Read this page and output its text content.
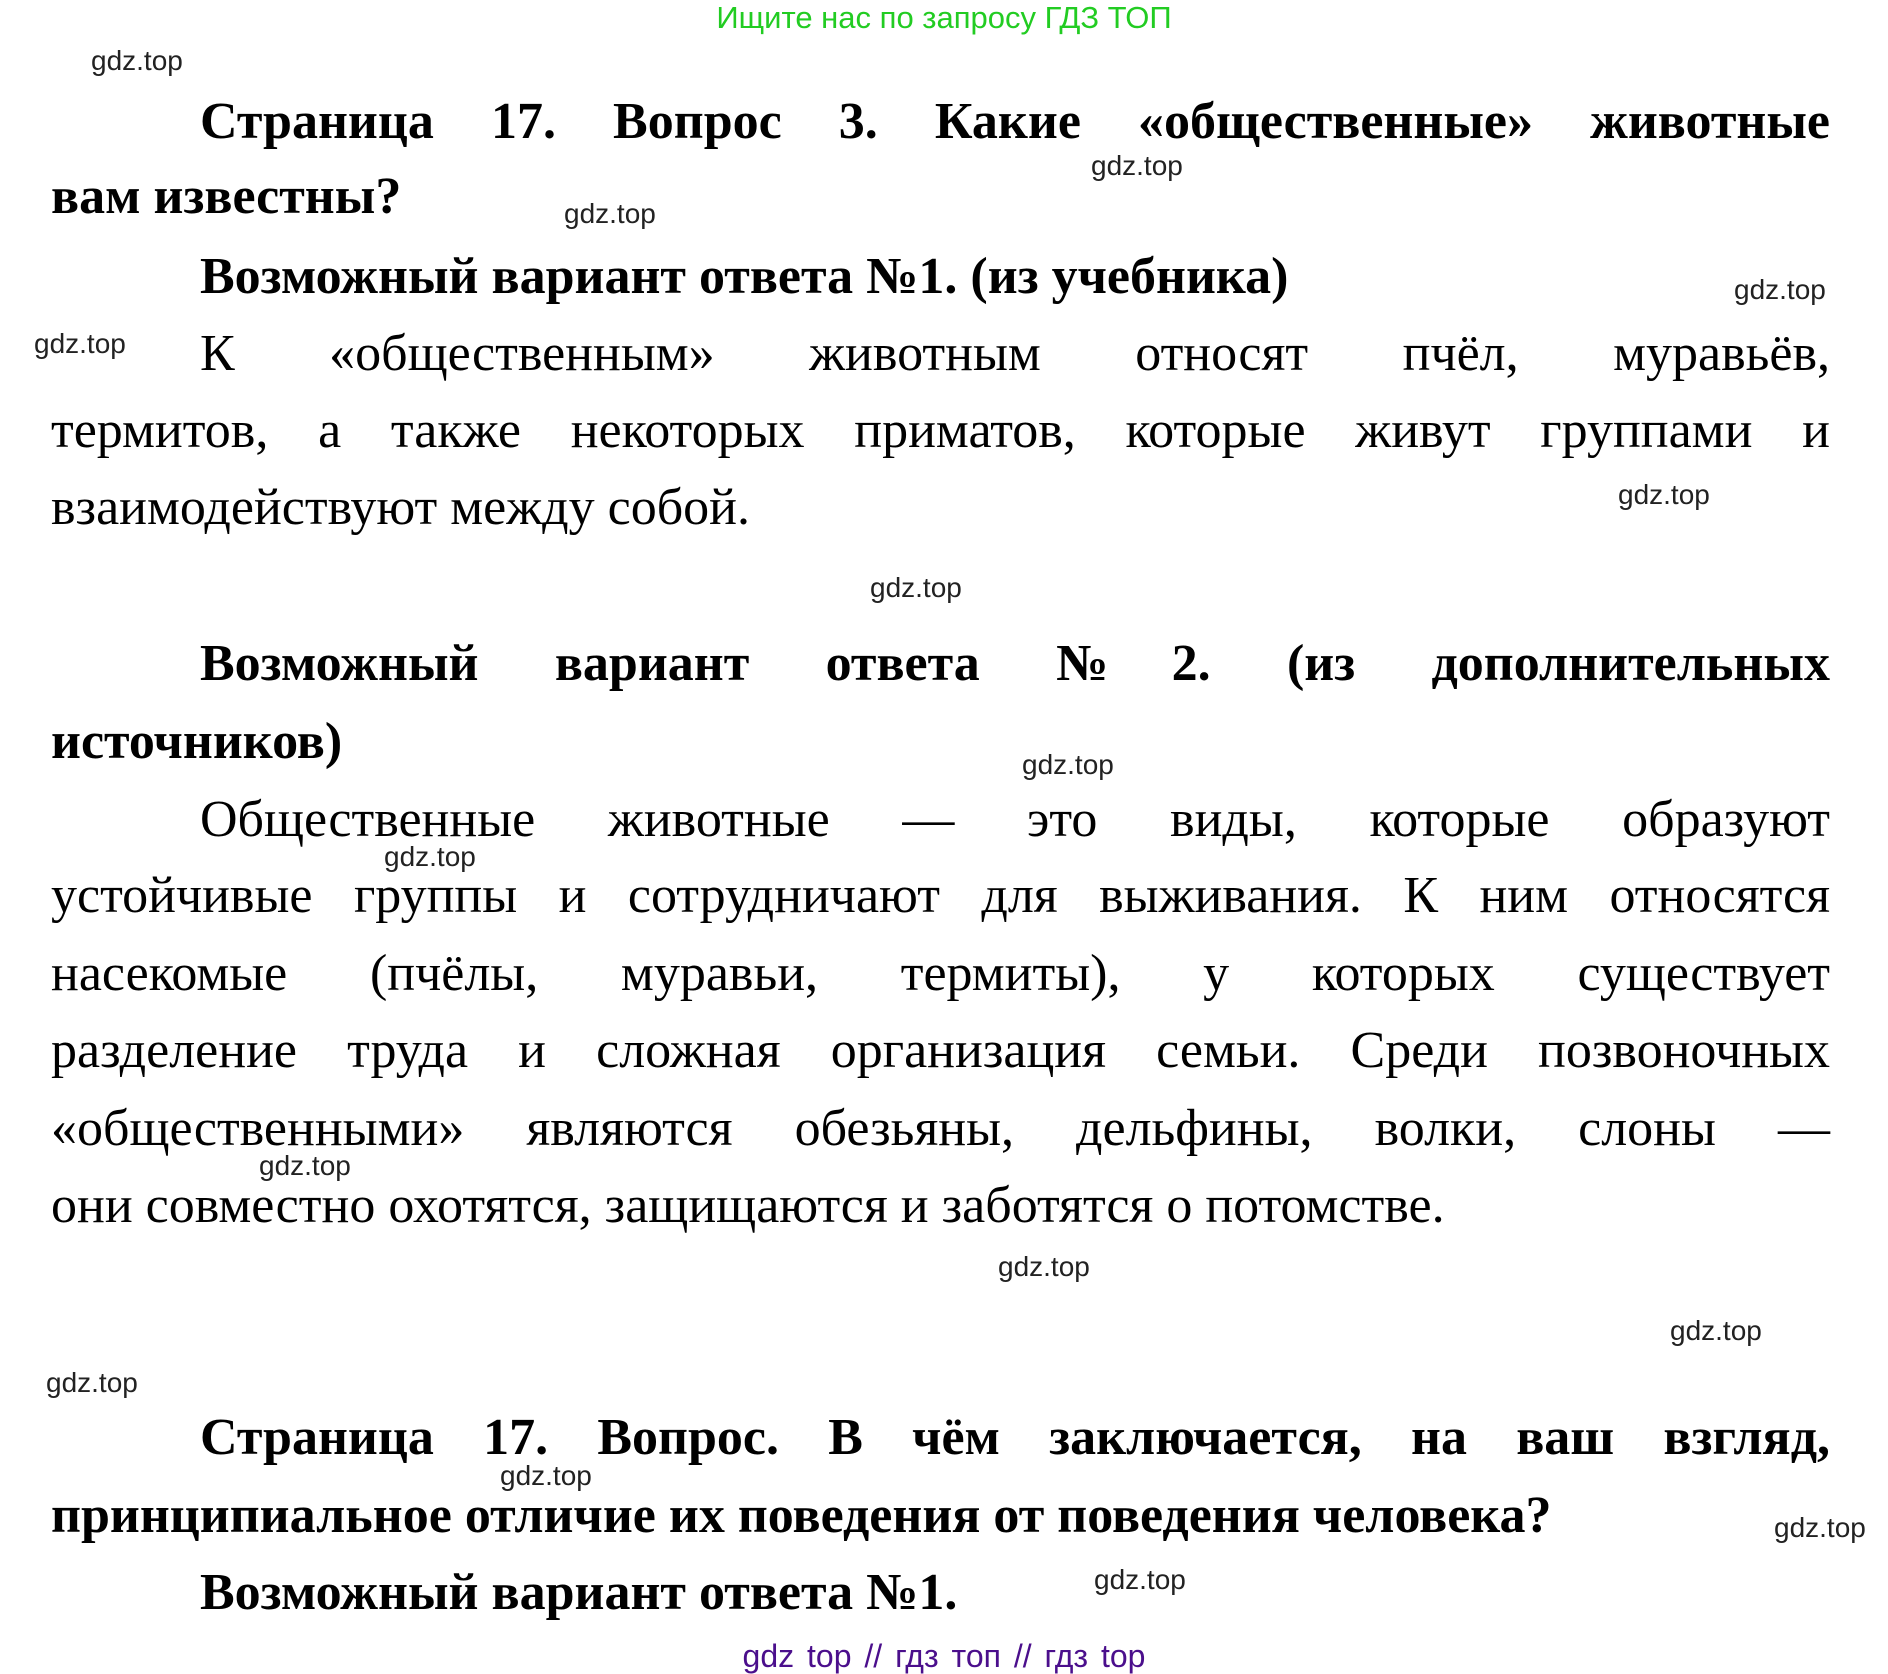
Ищите нас по запросу ГДЗ ТОП
Страница 17. Вопрос 3. Какие «общественные» животные
вам известны?
Возможный вариант ответа №1. (из учебника)
К «общественным» животным относят пчёл, муравьёв,
термитов, а также некоторых приматов, которые живут группами и
взаимодействуют между собой.
Возможный вариант ответа №2. (из дополнительных
источников)
Общественные животные — это виды, которые образуют
устойчивые группы и сотрудничают для выживания. К ним относятся
насекомые (пчёлы, муравьи, термиты), у которых существует
разделение труда и сложная организация семьи. Среди позвоночных
«общественными» являются обезьяны, дельфины, волки, слоны —
они совместно охотятся, защищаются и заботятся о потомстве.
Страница 17. Вопрос. В чём заключается, на ваш взгляд,
принципиальное отличие их поведения от поведения человека?
Возможный вариант ответа №1.
gdz.top
gdz.top
gdz.top
gdz.top
gdz.top
gdz.top
gdz.top
gdz.top
gdz.top
gdz.top
gdz.top
gdz.top
gdz.top
gdz.top
gdz.top
gdz.top
gdz top // гдз топ // гдз top
